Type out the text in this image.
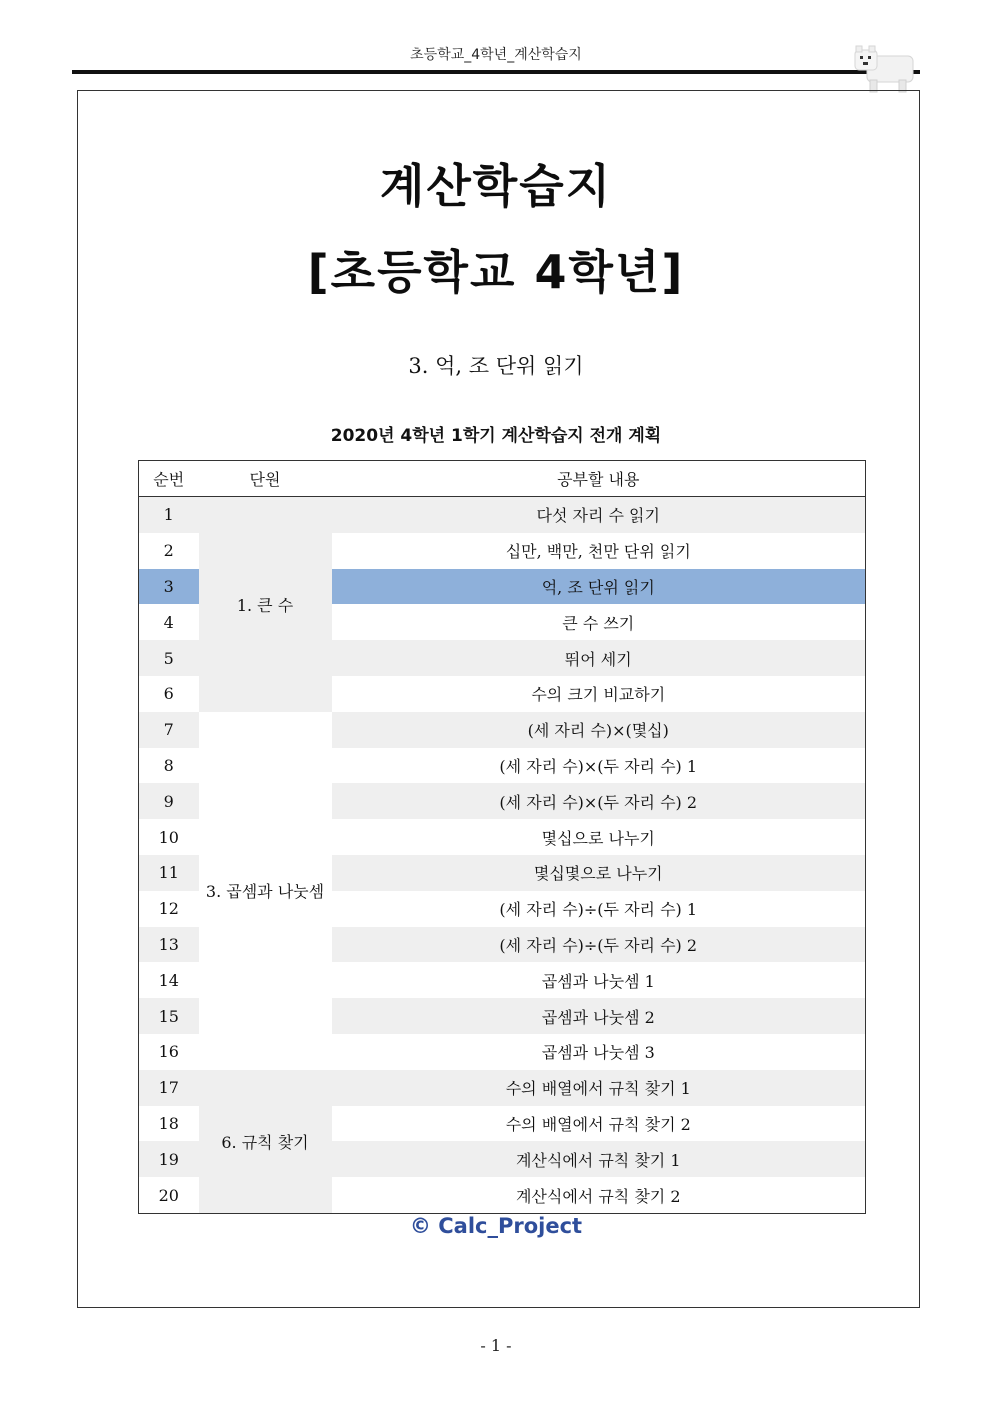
초등학교_4학년_계산학습지
계산학습지
[초등학교 4학년]
3. 억, 조 단위 읽기
2020년 4학년 1학기 계산학습지 전개 계획
순번	단원	공부할 내용
1	1. 큰 수	다섯 자리 수 읽기
2		십만, 백만, 천만 단위 읽기
3		억, 조 단위 읽기
4		큰 수 쓰기
5		뛰어 세기
6		수의 크기 비교하기
7	3. 곱셈과 나눗셈	(세 자리 수)×(몇십)
8		(세 자리 수)×(두 자리 수) 1
9		(세 자리 수)×(두 자리 수) 2
10		몇십으로 나누기
11		몇십몇으로 나누기
12		(세 자리 수)÷(두 자리 수) 1
13		(세 자리 수)÷(두 자리 수) 2
14		곱셈과 나눗셈 1
15		곱셈과 나눗셈 2
16		곱셈과 나눗셈 3
17	6. 규칙 찾기	수의 배열에서 규칙 찾기 1
18		수의 배열에서 규칙 찾기 2
19		계산식에서 규칙 찾기 1
20		계산식에서 규칙 찾기 2
© Calc_Project
- 1 -
